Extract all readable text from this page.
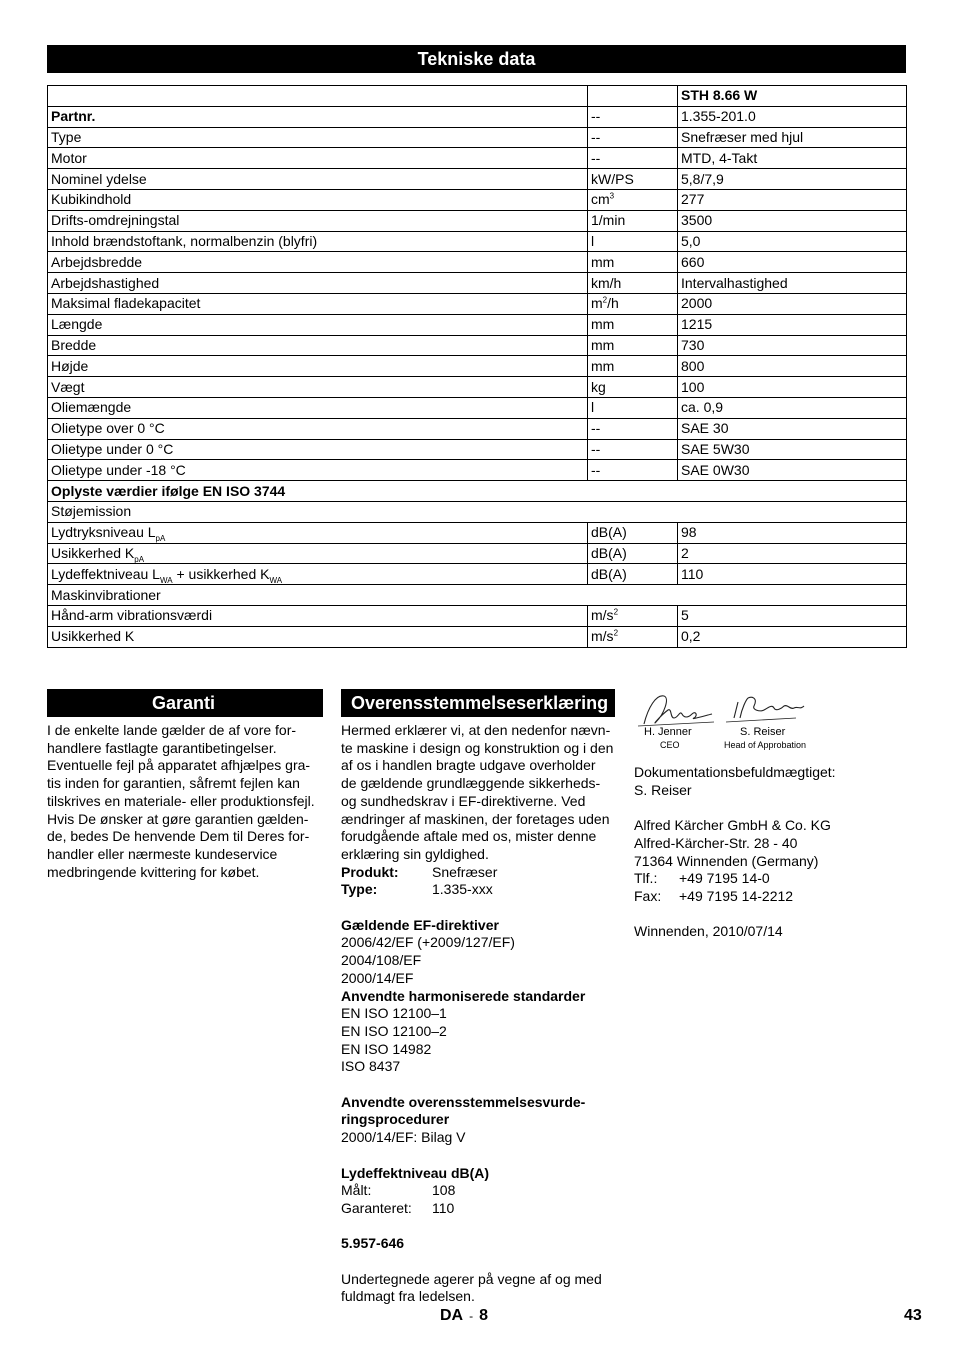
Tekniske data
		STH 8.66 W
Partnr.	--	1.355-201.0
Type	--	Snefræser med hjul
Motor	--	MTD, 4-Takt
Nominel ydelse	kW/PS	5,8/7,9
Kubikindhold	$cm^3$	277
Drifts-omdrejningstal	1/min	3500
Inhold brændstoftank, normalbenzin (blyfri)	l	5,0
Arbejdsbredde	mm	660
Arbejdshastighed	km/h	Intervalhastighed
Maksimal fladekapacitet	$m^2/h$	2000
Længde	mm	1215
Bredde	mm	730
Højde	mm	800
Vægt	kg	100
Oliemængde	l	ca. 0,9
Olietype over 0 °C	--	SAE 30
Olietype under 0 °C	--	SAE 5W30
Olietype under -18 °C	--	SAE 0W30
Oplyste værdier ifølge EN ISO 3744		
Støjemission		
Lydtryksniveau $L_{pA}$	dB(A)	98
Usikkerhed $K_{pA}$	dB(A)	2
Lydeffektniveau $L_{WA}$ + usikkerhed $K_{WA}$	dB(A)	110
Maskinvibrationer		
Hånd-arm vibrationsværdi	$m/s^2$	5
Usikkerhed K	$m/s^2$	0,2
Garanti
I de enkelte lande gælder de af vore for-
handlere fastlagte garantibetingelser.
Eventuelle fejl på apparatet afhjælpes gra-
tis inden for garantien, såfremt fejlen kan
tilskrives en materiale- eller produktionsfejl.
Hvis De ønsker at gøre garantien gælden-
de, bedes De henvende Dem til Deres for-
handler eller nærmeste kundeservice
medbringende kvittering for købet.
Overensstemmelseserklæring
Hermed erklærer vi, at den nedenfor nævn-
te maskine i design og konstruktion og i den
af os i handlen bragte udgave overholder
de gældende grundlæggende sikkerheds-
og sundhedskrav i EF-direktiverne. Ved
ændringer af maskinen, der foretages uden
forudgående aftale med os, mister denne
erklæring sin gyldighed.
Produkt:	Snefræser
Type:	1.335-xxx
Gældende EF-direktiver
2006/42/EF (+2009/127/EF)
2004/108/EF
2000/14/EF
Anvendte harmoniserede standarder
EN ISO 12100–1
EN ISO 12100–2
EN ISO 14982
ISO 8437
Anvendte overensstemmelsesvurde-
ringsprocedurer
2000/14/EF: Bilag V
Lydeffektniveau dB(A)
Målt:	108
Garanteret:	110
5.957-646
Undertegnede agerer på vegne af og med
fuldmagt fra ledelsen.
H. Jenner
CEO
S. Reiser
Head of Approbation

Dokumentationsbefuldmægtiget:

S. Reiser

Alfred Kärcher GmbH & Co. KG

Alfred-Kärcher-Str. 28 - 40

71364 Winnenden (Germany)

Tlf.:	+49 7195 14-0
Fax:	+49 7195 14-2212

Winnenden, 2010/07/14

DA - 8	43
